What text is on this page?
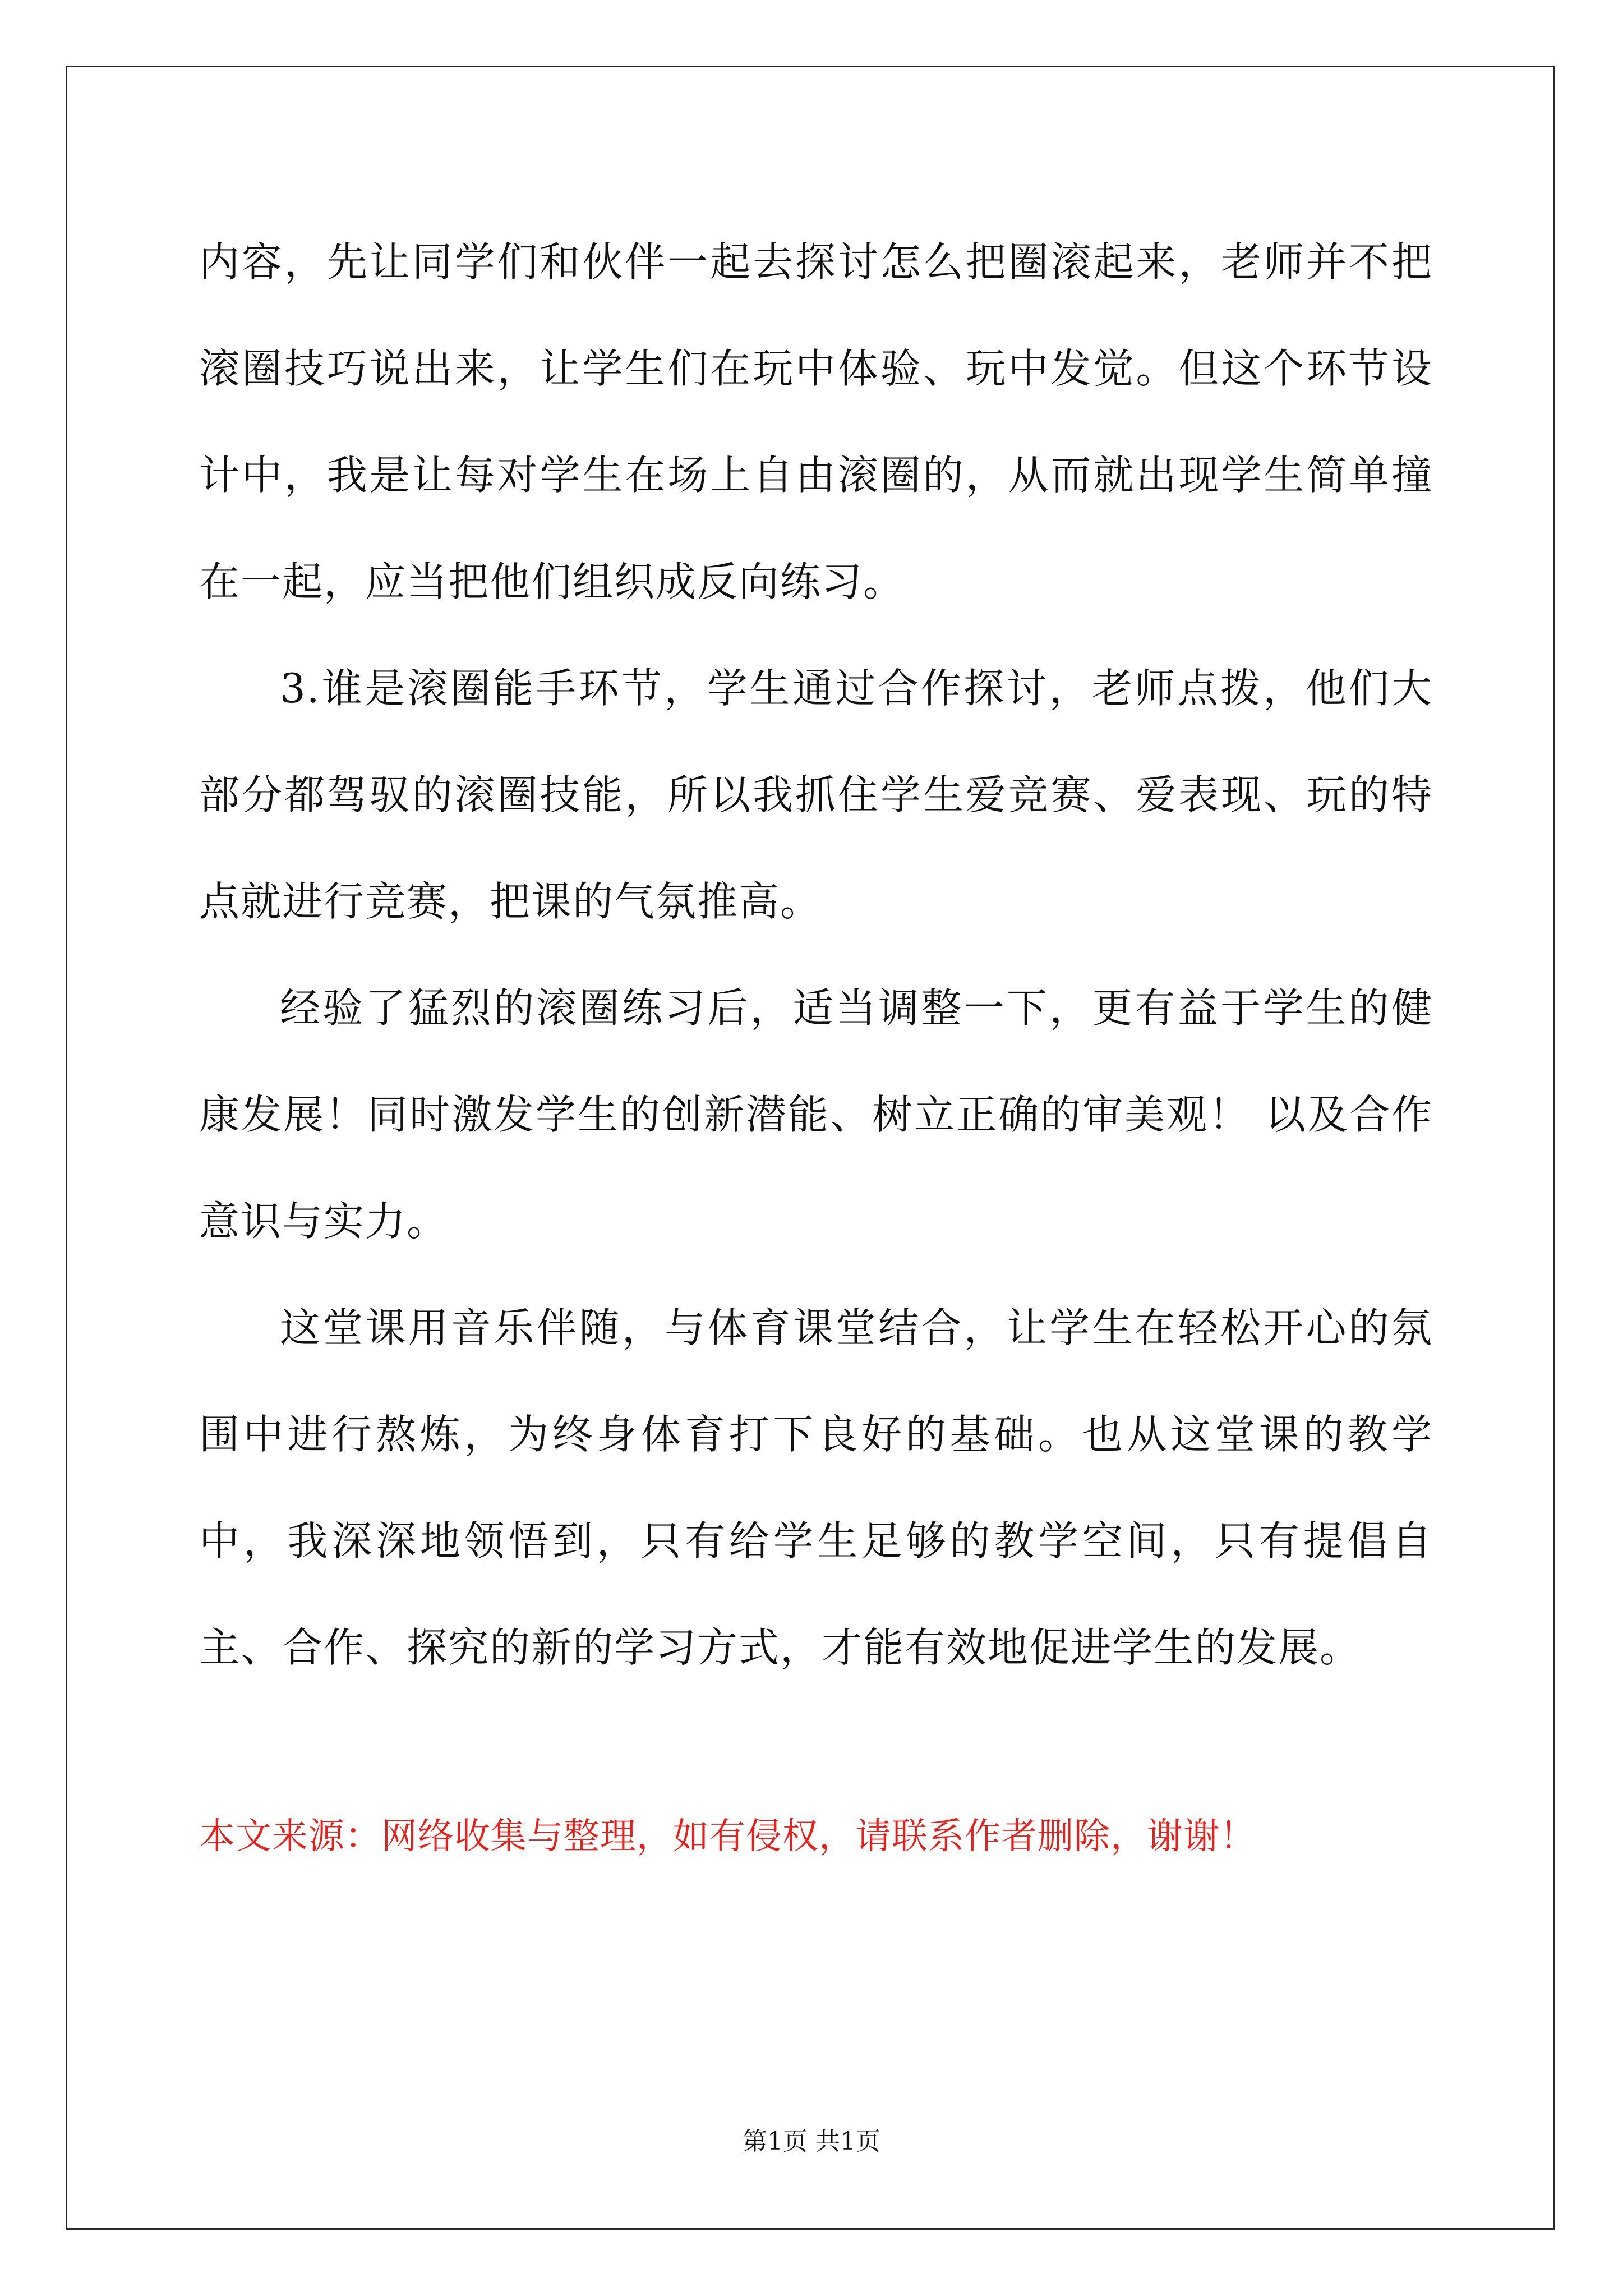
内容，先让同学们和伙伴一起去探讨怎么把圈滚起来，老师并不把滚圈技巧说出来，让学生们在玩中体验、玩中发觉。但这个环节设计中，我是让每对学生在场上自由滚圈的，从而就出现学生简单撞在一起，应当把他们组织成反向练习。

3.谁是滚圈能手环节，学生通过合作探讨，老师点拨，他们大部分都驾驭的滚圈技能，所以我抓住学生爱竞赛、爱表现、玩的特点就进行竞赛，把课的气氛推高。

经验了猛烈的滚圈练习后，适当调整一下，更有益于学生的健康发展！同时激发学生的创新潜能、树立正确的审美观！ 以及合作意识与实力。

这堂课用音乐伴随，与体育课堂结合，让学生在轻松开心的氛围中进行熬炼，为终身体育打下良好的基础。也从这堂课的教学中，我深深地领悟到，只有给学生足够的教学空间，只有提倡自主、合作、探究的新的学习方式，才能有效地促进学生的发展。

本文来源：网络收集与整理，如有侵权，请联系作者删除，谢谢！
第1页 共1页
